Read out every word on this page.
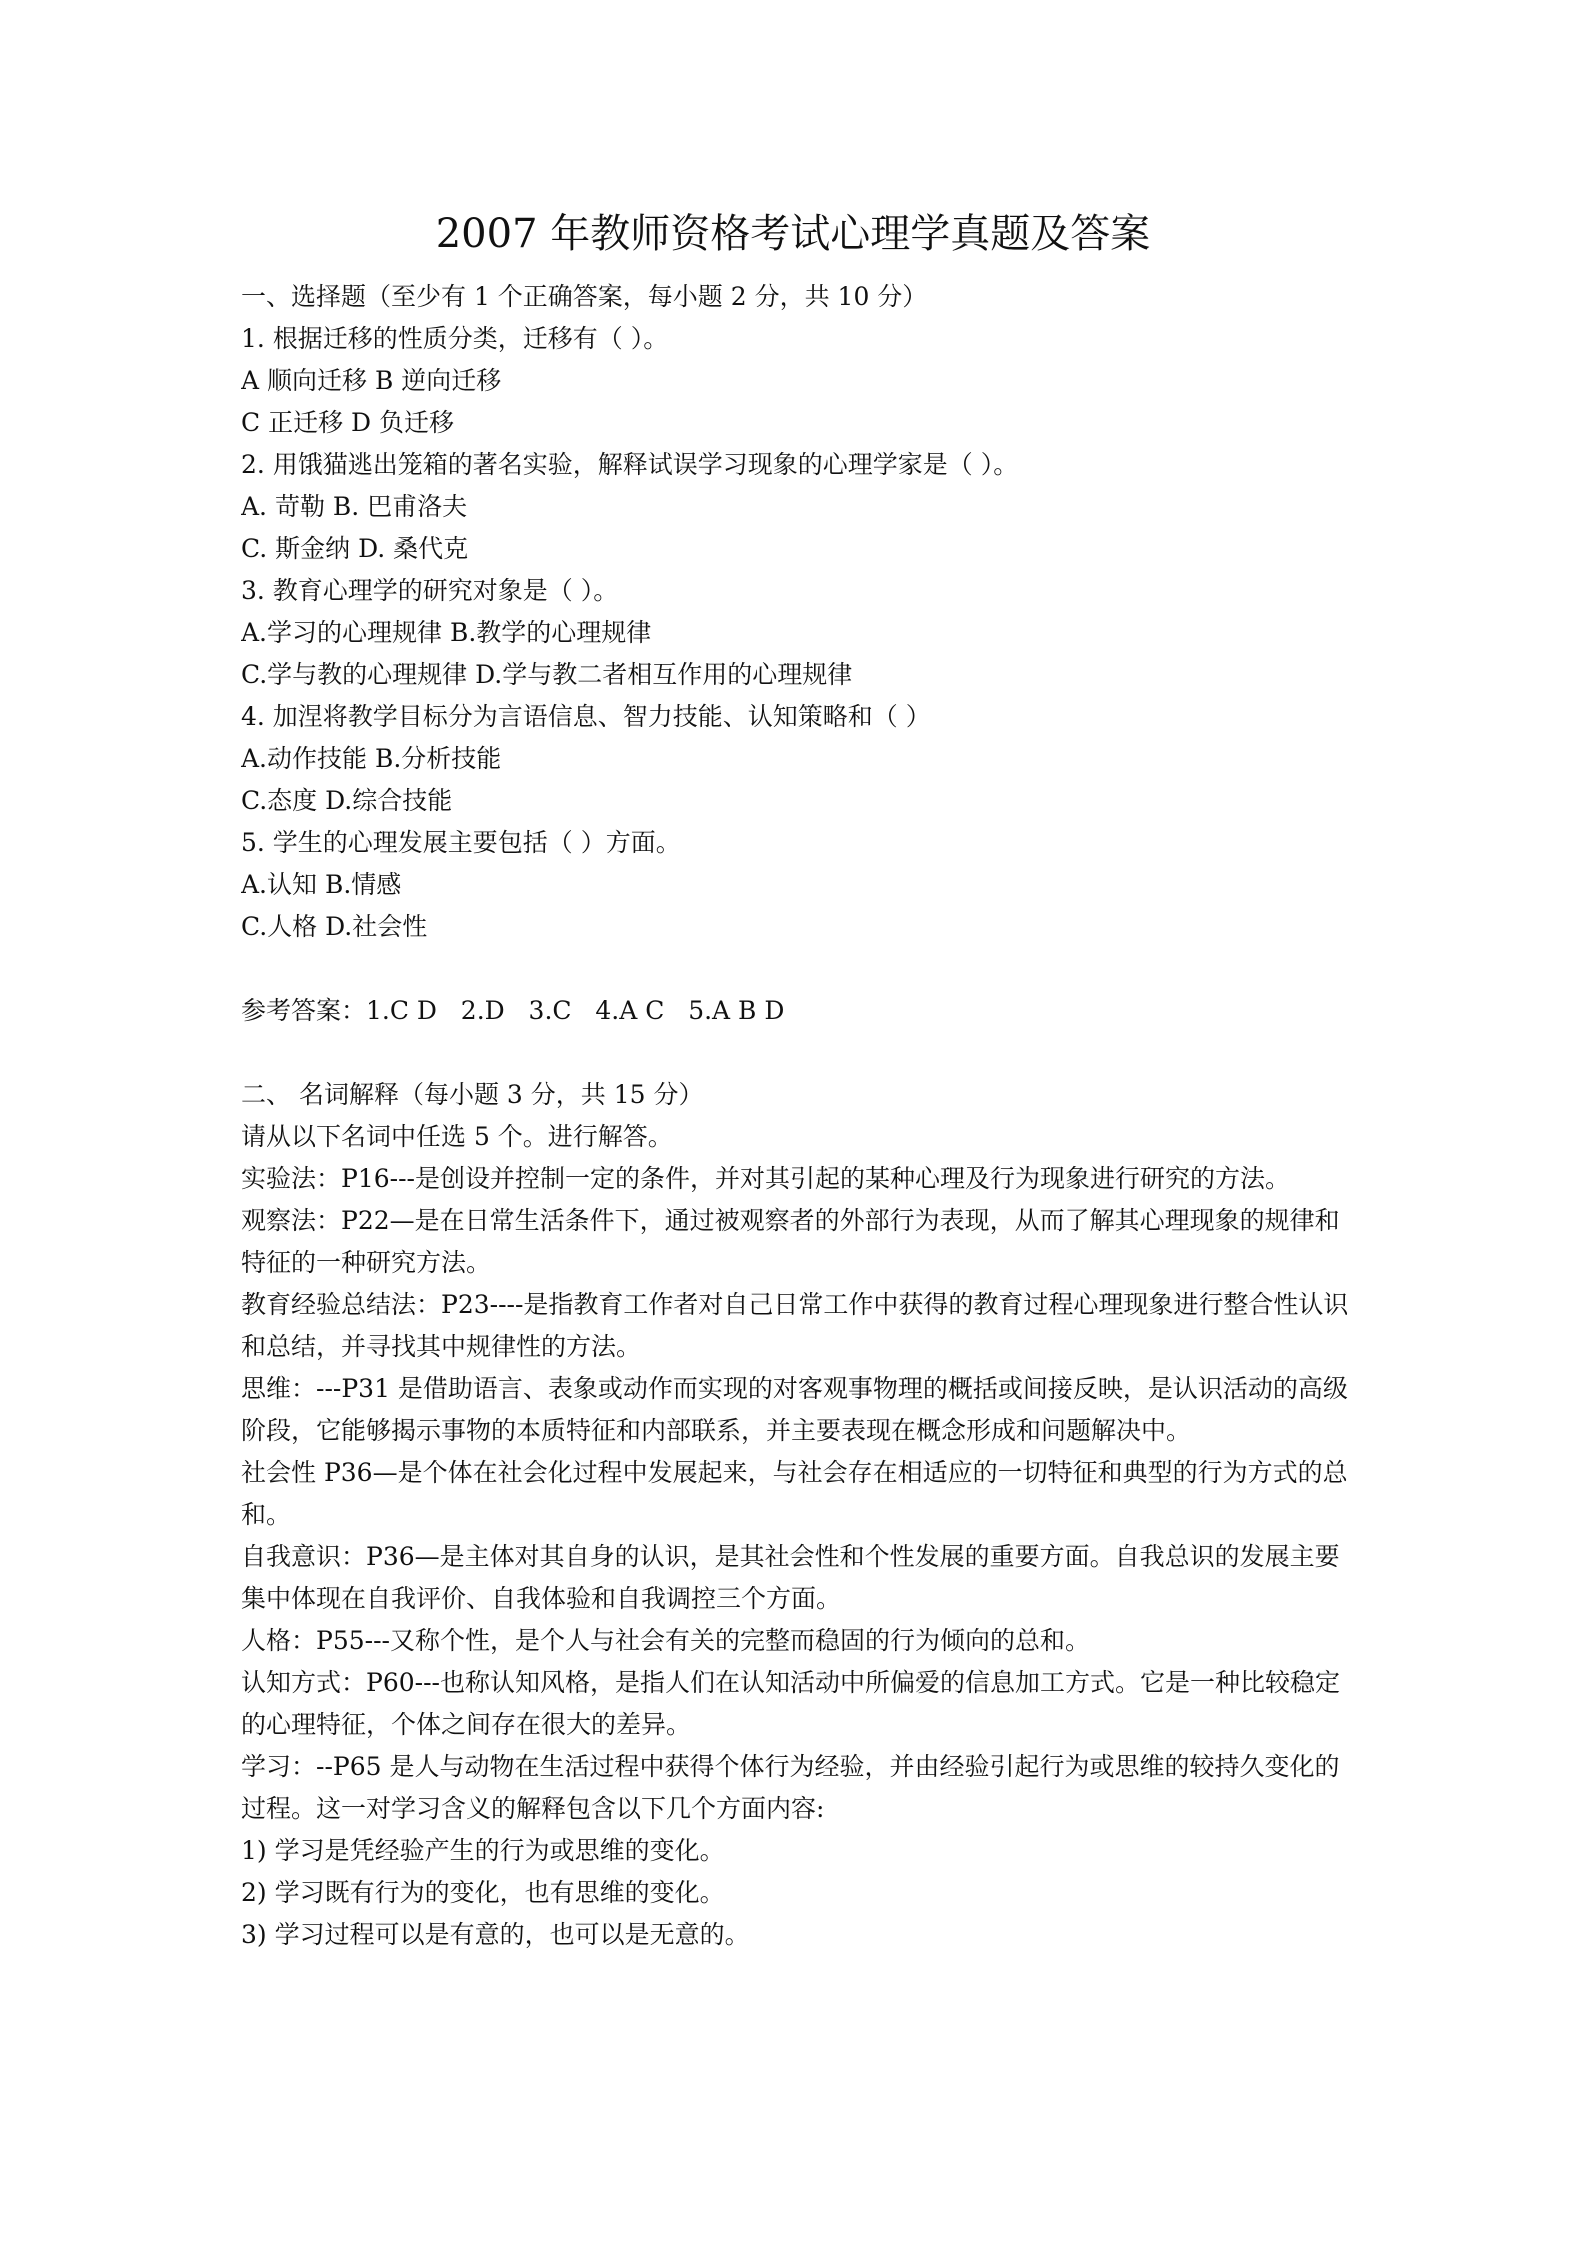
2007 年教师资格考试心理学真题及答案
一、选择题（至少有 1 个正确答案，每小题 2 分，共 10 分）
1. 根据迁移的性质分类，迁移有（ ）。
A 顺向迁移 B 逆向迁移
C 正迁移 D 负迁移
2. 用饿猫逃出笼箱的著名实验，解释试误学习现象的心理学家是（ ）。
A. 苛勒 B. 巴甫洛夫
C. 斯金纳 D. 桑代克
3. 教育心理学的研究对象是（ ）。
A.学习的心理规律 B.教学的心理规律
C.学与教的心理规律 D.学与教二者相互作用的心理规律
4. 加涅将教学目标分为言语信息、智力技能、认知策略和（ ）
A.动作技能 B.分析技能
C.态度 D.综合技能
5. 学生的心理发展主要包括（ ）方面。
A.认知 B.情感
C.人格 D.社会性
参考答案：1.C D   2.D   3.C   4.A C   5.A B D
二、 名词解释（每小题 3 分，共 15 分）
请从以下名词中任选 5 个。进行解答。
实验法：P16---是创设并控制一定的条件，并对其引起的某种心理及行为现象进行研究的方法。
观察法：P22—是在日常生活条件下，通过被观察者的外部行为表现，从而了解其心理现象的规律和特征的一种研究方法。
教育经验总结法：P23----是指教育工作者对自己日常工作中获得的教育过程心理现象进行整合性认识和总结，并寻找其中规律性的方法。
思维：---P31 是借助语言、表象或动作而实现的对客观事物理的概括或间接反映，是认识活动的高级阶段，它能够揭示事物的本质特征和内部联系，并主要表现在概念形成和问题解决中。
社会性 P36—是个体在社会化过程中发展起来，与社会存在相适应的一切特征和典型的行为方式的总和。
自我意识：P36—是主体对其自身的认识，是其社会性和个性发展的重要方面。自我总识的发展主要集中体现在自我评价、自我体验和自我调控三个方面。
人格：P55---又称个性，是个人与社会有关的完整而稳固的行为倾向的总和。
认知方式：P60---也称认知风格，是指人们在认知活动中所偏爱的信息加工方式。它是一种比较稳定的心理特征，个体之间存在很大的差异。
学习：--P65 是人与动物在生活过程中获得个体行为经验，并由经验引起行为或思维的较持久变化的过程。这一对学习含义的解释包含以下几个方面内容:
1) 学习是凭经验产生的行为或思维的变化。
2) 学习既有行为的变化，也有思维的变化。
3) 学习过程可以是有意的，也可以是无意的。
